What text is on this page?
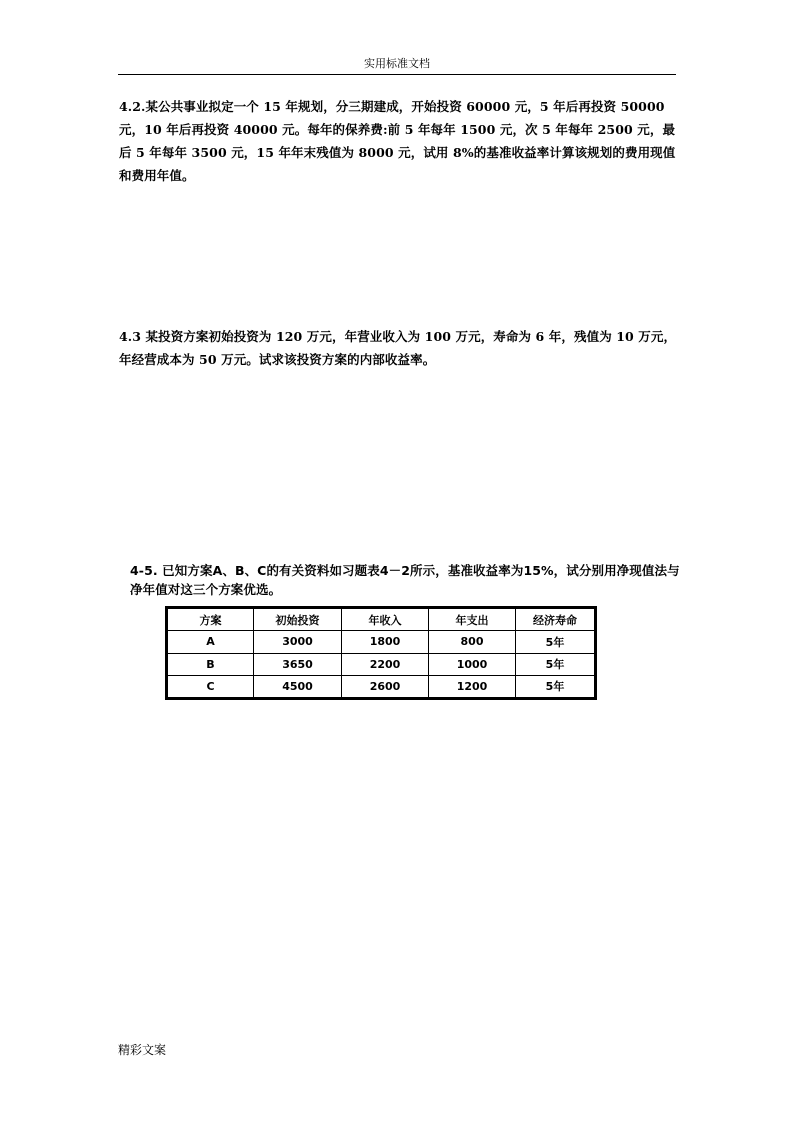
实用标准文档
4.2.某公共事业拟定一个 15 年规划，分三期建成，开始投资 60000 元，5 年后再投资 50000 元，10 年后再投资 40000 元。每年的保养费:前 5 年每年 1500 元，次 5 年每年 2500 元，最后 5 年每年 3500 元，15 年年末残值为 8000 元，试用 8%的基准收益率计算该规划的费用现值和费用年值。
4.3 某投资方案初始投资为 120 万元，年营业收入为 100 万元，寿命为 6 年，残值为 10 万元，年经营成本为 50 万元。试求该投资方案的内部收益率。
4-5. 已知方案A、B、C的有关资料如习题表4－2所示，基准收益率为15%，试分别用净现值法与净年值对这三个方案优选。
方案	初始投资	年收入	年支出	经济寿命
A	3000	1800	800	5年
B	3650	2200	1000	5年
C	4500	2600	1200	5年
精彩文案
